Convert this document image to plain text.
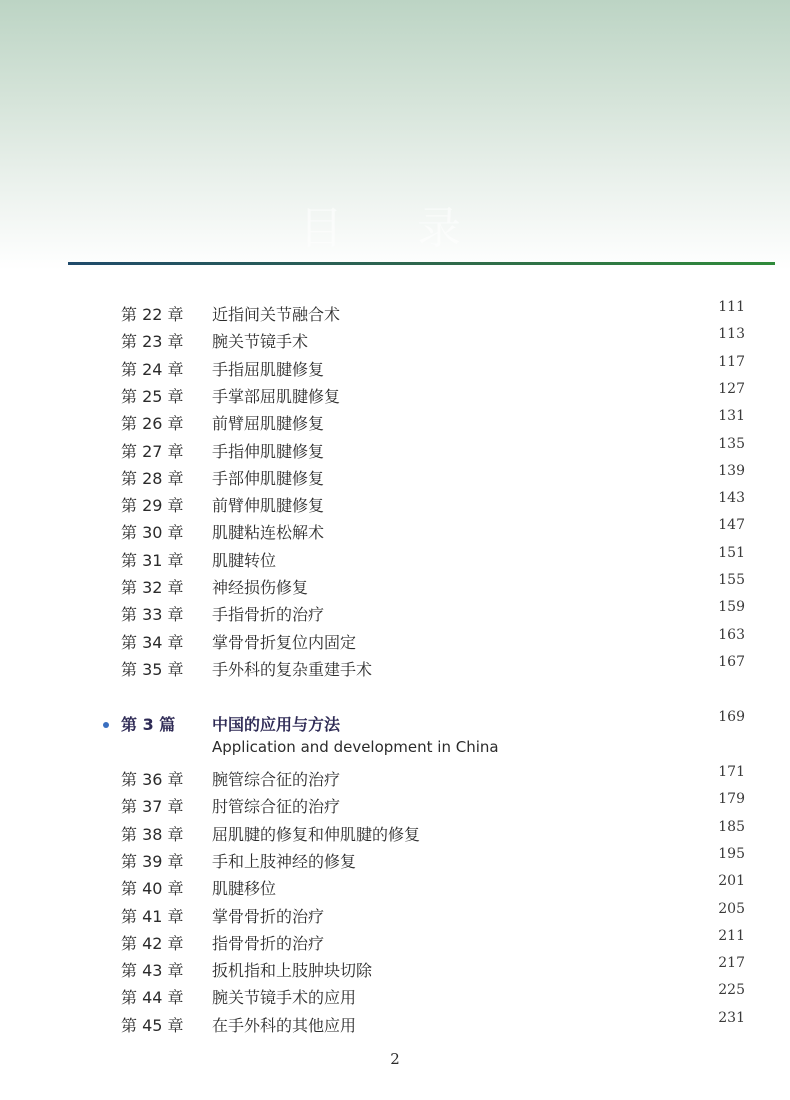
目 录
第 22 章 近指间关节融合术	111
第 23 章 腕关节镜手术	113
第 24 章 手指屈肌腱修复	117
第 25 章 手掌部屈肌腱修复	127
第 26 章 前臂屈肌腱修复	131
第 27 章 手指伸肌腱修复	135
第 28 章 手部伸肌腱修复	139
第 29 章 前臂伸肌腱修复	143
第 30 章 肌腱粘连松解术	147
第 31 章 肌腱转位	151
第 32 章 神经损伤修复	155
第 33 章 手指骨折的治疗	159
第 34 章 掌骨骨折复位内固定	163
第 35 章 手外科的复杂重建手术	167
第 3 篇 中国的应用与方法	169
Application and development in China
第 36 章 腕管综合征的治疗	171
第 37 章 肘管综合征的治疗	179
第 38 章 屈肌腱的修复和伸肌腱的修复	185
第 39 章 手和上肢神经的修复	195
第 40 章 肌腱移位	201
第 41 章 掌骨骨折的治疗	205
第 42 章 指骨骨折的治疗	211
第 43 章 扳机指和上肢肿块切除	217
第 44 章 腕关节镜手术的应用	225
第 45 章 在手外科的其他应用	231
2
